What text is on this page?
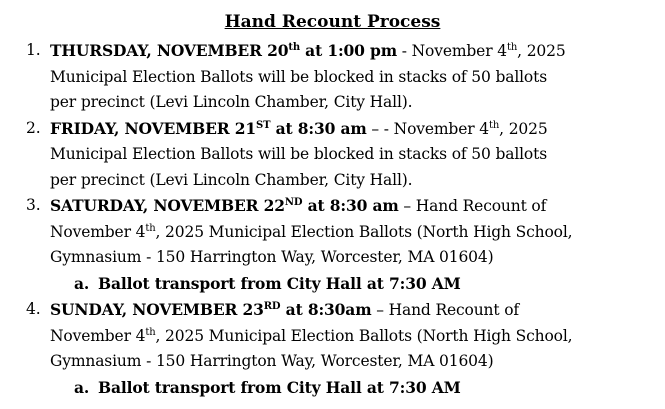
Hand Recount Process
1. THURSDAY, NOVEMBER 20th at 1:00 pm - November 4th, 2025
Municipal Election Ballots will be blocked in stacks of 50 ballots
per precinct (Levi Lincoln Chamber, City Hall).
2. FRIDAY, NOVEMBER 21ST at 8:30 am – - November 4th, 2025
Municipal Election Ballots will be blocked in stacks of 50 ballots
per precinct (Levi Lincoln Chamber, City Hall).
3. SATURDAY, NOVEMBER 22ND at 8:30 am – Hand Recount of
November 4th, 2025 Municipal Election Ballots (North High School,
Gymnasium - 150 Harrington Way, Worcester, MA 01604)
a. Ballot transport from City Hall at 7:30 AM
4. SUNDAY, NOVEMBER 23RD at 8:30am – Hand Recount of
November 4th, 2025 Municipal Election Ballots (North High School,
Gymnasium - 150 Harrington Way, Worcester, MA 01604)
a. Ballot transport from City Hall at 7:30 AM
